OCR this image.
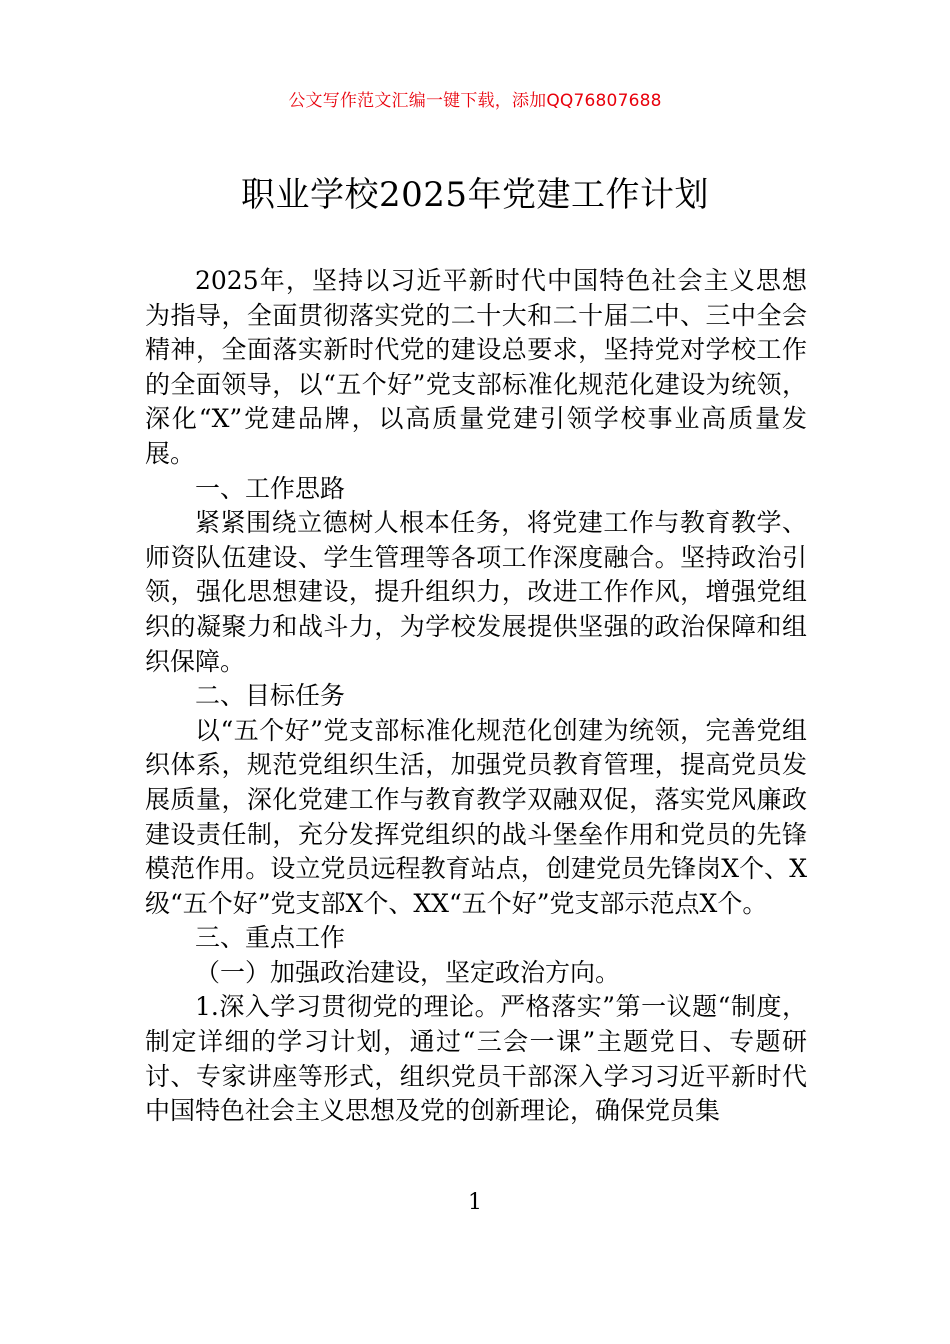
公文写作范文汇编一键下载，添加QQ76807688
职业学校2025年党建工作计划

2025年，坚持以习近平新时代中国特色社会主义思想为指导，全面贯彻落实党的二十大和二十届二中、三中全会精神，全面落实新时代党的建设总要求，坚持党对学校工作的全面领导，以“五个好”党支部标准化规范化建设为统领，深化“X”党建品牌，以高质量党建引领学校事业高质量发展。

一、工作思路

紧紧围绕立德树人根本任务，将党建工作与教育教学、师资队伍建设、学生管理等各项工作深度融合。坚持政治引领，强化思想建设，提升组织力，改进工作作风，增强党组织的凝聚力和战斗力，为学校发展提供坚强的政治保障和组织保障。

二、目标任务

以“五个好”党支部标准化规范化创建为统领，完善党组织体系，规范党组织生活，加强党员教育管理，提高党员发展质量，深化党建工作与教育教学双融双促，落实党风廉政建设责任制，充分发挥党组织的战斗堡垒作用和党员的先锋模范作用。设立党员远程教育站点，创建党员先锋岗X个、X级“五个好”党支部X个、XX“五个好”党支部示范点X个。

三、重点工作

（一）加强政治建设，坚定政治方向。

1.深入学习贯彻党的理论。严格落实”第一议题“制度，制定详细的学习计划，通过“三会一课”主题党日、专题研讨、专家讲座等形式，组织党员干部深入学习习近平新时代中国特色社会主义思想及党的创新理论，确保党员集

1
